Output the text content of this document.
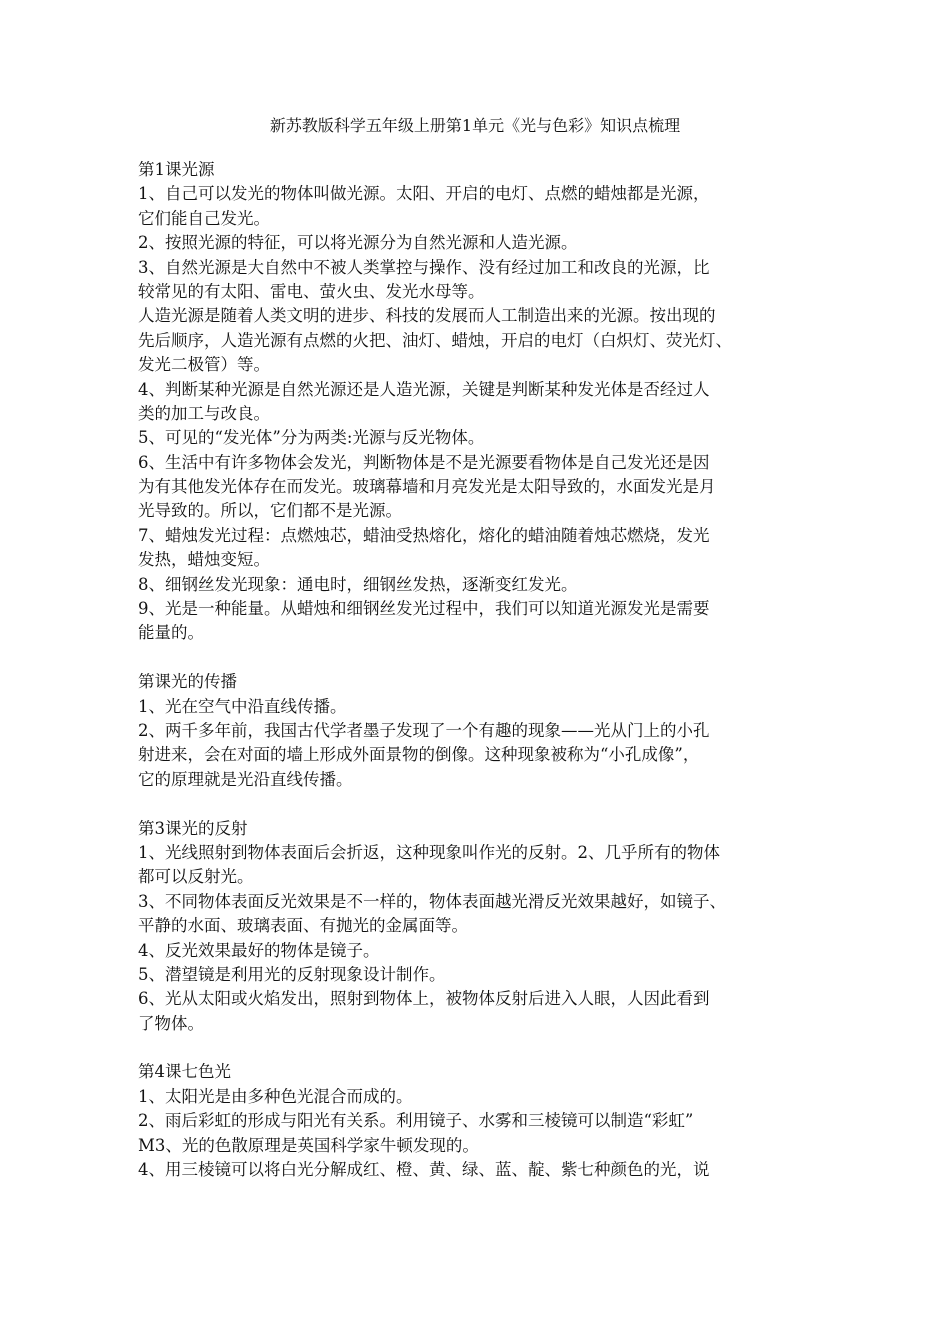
新苏教版科学五年级上册第1单元《光与色彩》知识点梳理
第1课光源
1、自己可以发光的物体叫做光源。太阳、开启的电灯、点燃的蜡烛都是光源，
它们能自己发光。
2、按照光源的特征，可以将光源分为自然光源和人造光源。
3、自然光源是大自然中不被人类掌控与操作、没有经过加工和改良的光源，比
较常见的有太阳、雷电、萤火虫、发光水母等。
人造光源是随着人类文明的进步、科技的发展而人工制造出来的光源。按出现的
先后顺序，人造光源有点燃的火把、油灯、蜡烛，开启的电灯（白炽灯、荧光灯、
发光二极管）等。
4、判断某种光源是自然光源还是人造光源，关键是判断某种发光体是否经过人
类的加工与改良。
5、可见的“发光体”分为两类:光源与反光物体。
6、生活中有许多物体会发光，判断物体是不是光源要看物体是自己发光还是因
为有其他发光体存在而发光。玻璃幕墙和月亮发光是太阳导致的，水面发光是月
光导致的。所以，它们都不是光源。
7、蜡烛发光过程：点燃烛芯，蜡油受热熔化，熔化的蜡油随着烛芯燃烧，发光
发热，蜡烛变短。
8、细钢丝发光现象：通电时，细钢丝发热，逐渐变红发光。
9、光是一种能量。从蜡烛和细钢丝发光过程中，我们可以知道光源发光是需要
能量的。
第课光的传播
1、光在空气中沿直线传播。
2、两千多年前，我国古代学者墨子发现了一个有趣的现象——光从门上的小孔
射进来，会在对面的墙上形成外面景物的倒像。这种现象被称为“小孔成像”，
它的原理就是光沿直线传播。
第3课光的反射
1、光线照射到物体表面后会折返，这种现象叫作光的反射。2、几乎所有的物体
都可以反射光。
3、不同物体表面反光效果是不一样的，物体表面越光滑反光效果越好，如镜子、
平静的水面、玻璃表面、有抛光的金属面等。
4、反光效果最好的物体是镜子。
5、潜望镜是利用光的反射现象设计制作。
6、光从太阳或火焰发出，照射到物体上，被物体反射后进入人眼，人因此看到
了物体。
第4课七色光
1、太阳光是由多种色光混合而成的。
2、雨后彩虹的形成与阳光有关系。利用镜子、水雾和三棱镜可以制造“彩虹”
M3、光的色散原理是英国科学家牛顿发现的。
4、用三棱镜可以将白光分解成红、橙、黄、绿、蓝、靛、紫七种颜色的光，说
